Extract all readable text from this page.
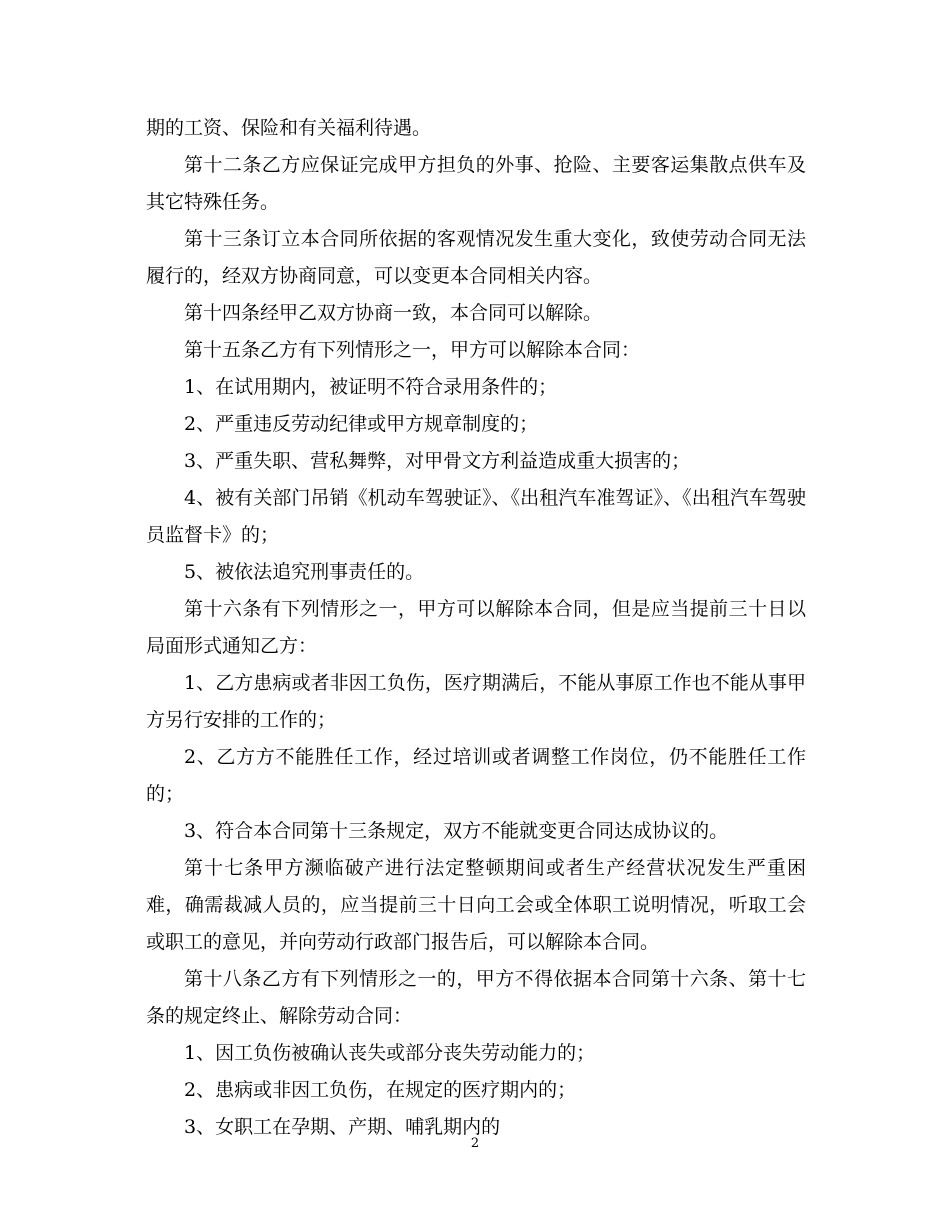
期的工资、保险和有关福利待遇。

第十二条乙方应保证完成甲方担负的外事、抢险、主要客运集散点供车及其它特殊任务。

第十三条订立本合同所依据的客观情况发生重大变化，致使劳动合同无法履行的，经双方协商同意，可以变更本合同相关内容。

第十四条经甲乙双方协商一致，本合同可以解除。

第十五条乙方有下列情形之一，甲方可以解除本合同：

1、在试用期内，被证明不符合录用条件的；

2、严重违反劳动纪律或甲方规章制度的；

3、严重失职、营私舞弊，对甲骨文方利益造成重大损害的；

4、被有关部门吊销《机动车驾驶证》、《出租汽车准驾证》、《出租汽车驾驶员监督卡》的；

5、被依法追究刑事责任的。

第十六条有下列情形之一，甲方可以解除本合同，但是应当提前三十日以局面形式通知乙方：

1、乙方患病或者非因工负伤，医疗期满后，不能从事原工作也不能从事甲方另行安排的工作的；

2、乙方方不能胜任工作，经过培训或者调整工作岗位，仍不能胜任工作的；

3、符合本合同第十三条规定，双方不能就变更合同达成协议的。

第十七条甲方濒临破产进行法定整顿期间或者生产经营状况发生严重困难，确需裁减人员的，应当提前三十日向工会或全体职工说明情况，听取工会或职工的意见，并向劳动行政部门报告后，可以解除本合同。

第十八条乙方有下列情形之一的，甲方不得依据本合同第十六条、第十七条的规定终止、解除劳动合同：

1、因工负伤被确认丧失或部分丧失劳动能力的；

2、患病或非因工负伤，在规定的医疗期内的；

3、女职工在孕期、产期、哺乳期内的

2
